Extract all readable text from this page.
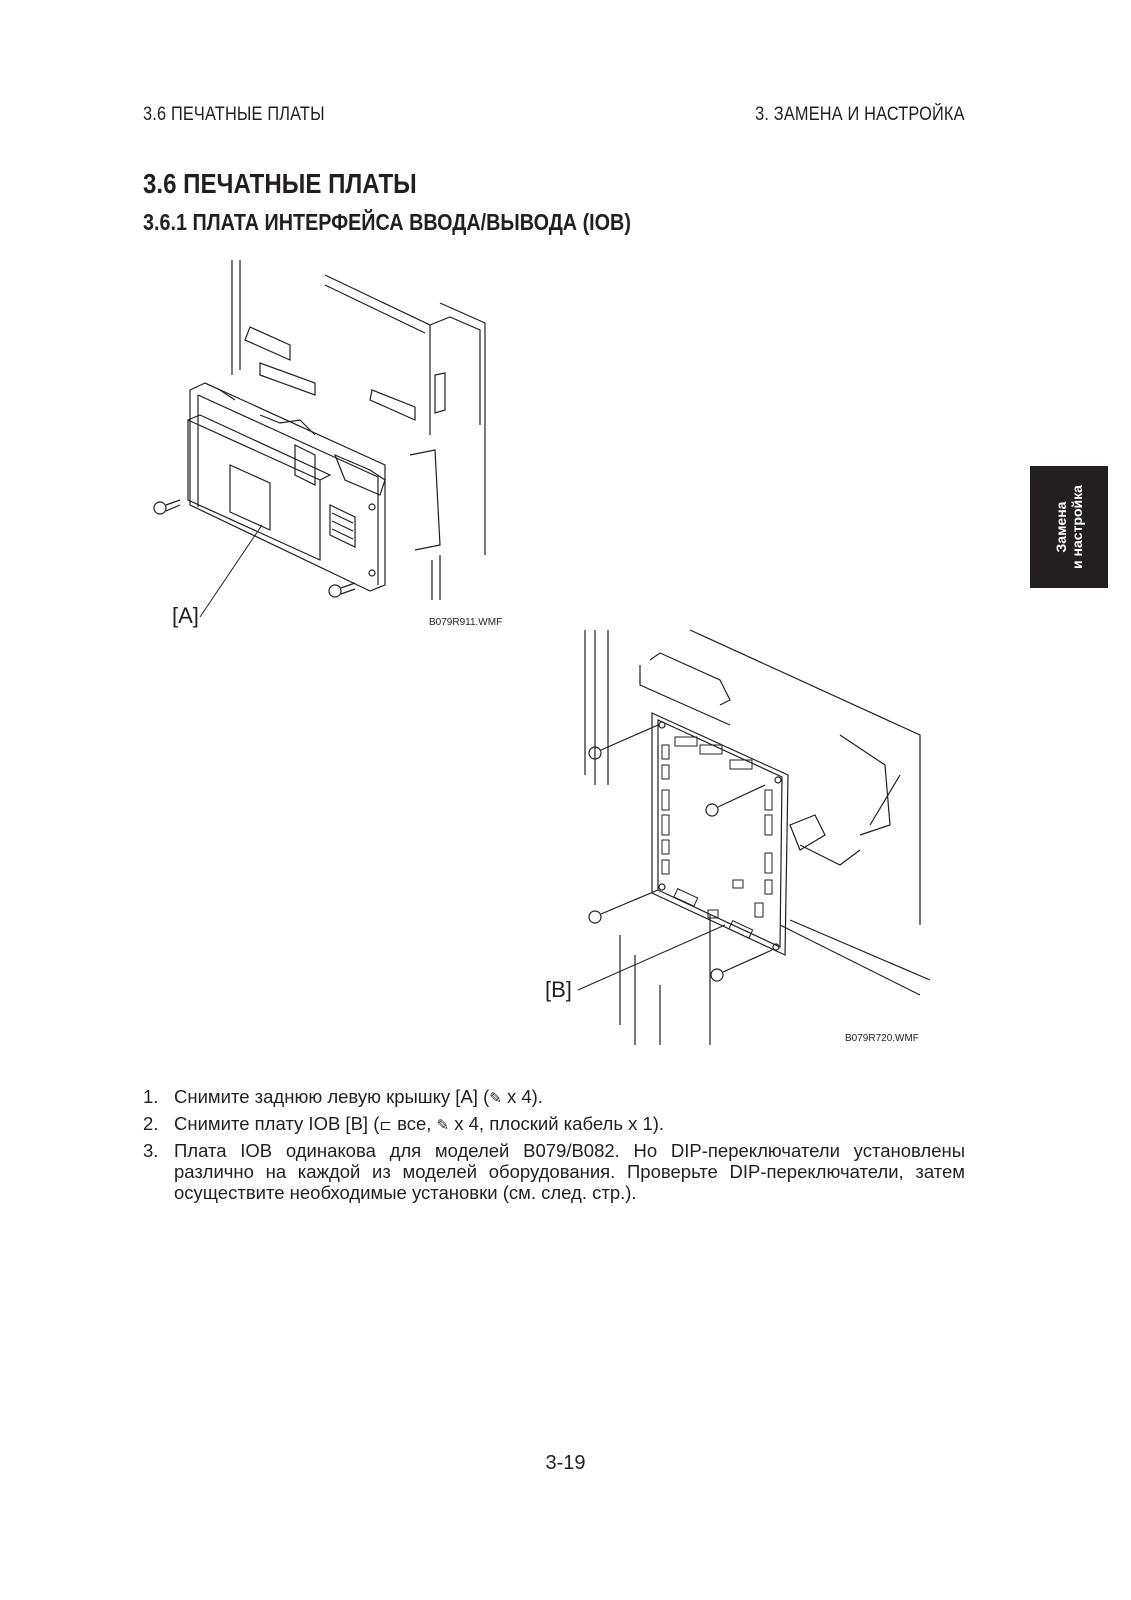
3.6 ПЕЧАТНЫЕ ПЛАТЫ	3. ЗАМЕНА И НАСТРОЙКА
3.6 ПЕЧАТНЫЕ ПЛАТЫ
3.6.1 ПЛАТА ИНТЕРФЕЙСА ВВОДА/ВЫВОДА (IOB)
Замена и настройка
[A]	B079R911.WMF
[B]
B079R720.WMF
1. Снимите заднюю левую крышку [A] (✎ x 4).
2. Снимите плату IOB [B] (⊏ все, ✎ x 4, плоский кабель x 1).
3. Плата IOB одинакова для моделей B079/B082. Но DIP-переключатели установлены различно на каждой из моделей оборудования. Проверьте DIP-переключатели, затем осуществите необходимые установки (см. след. стр.).
3-19
